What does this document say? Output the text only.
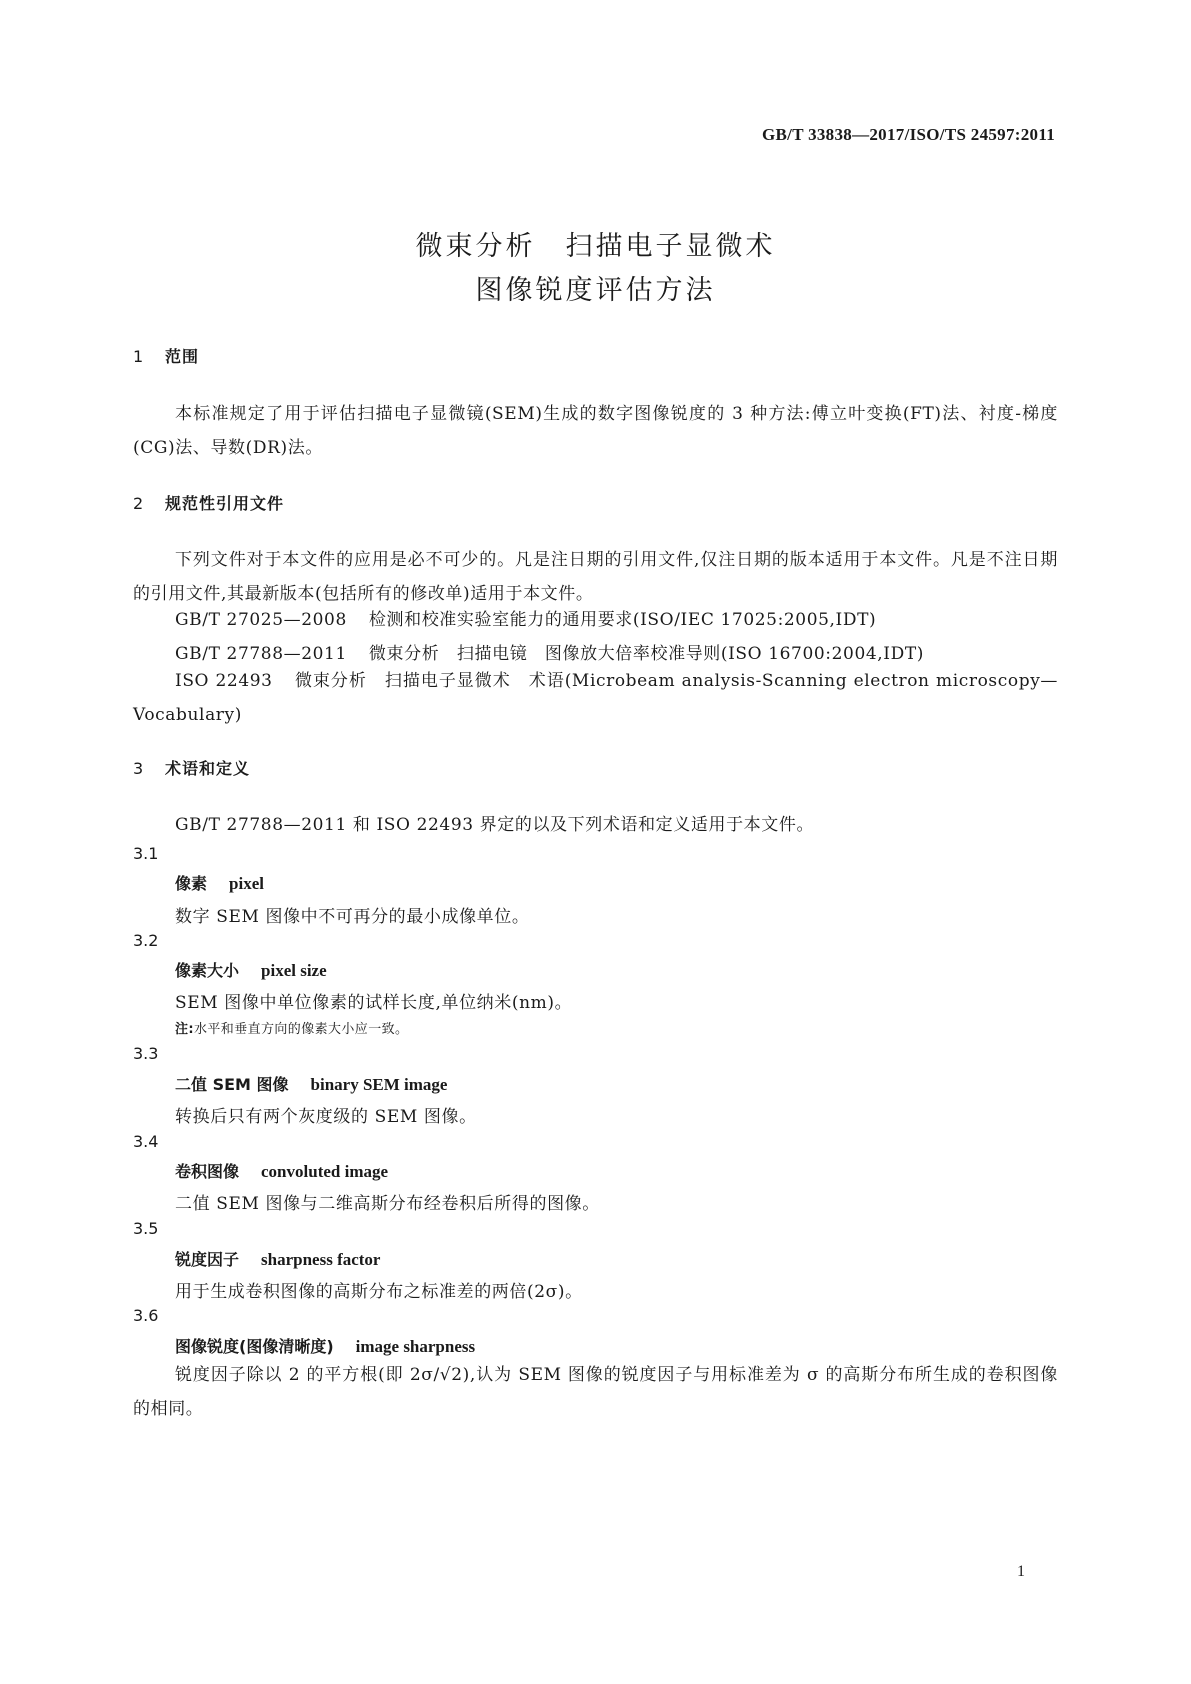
GB/T 33838—2017/ISO/TS 24597:2011
微束分析 扫描电子显微术
图像锐度评估方法
1 范围
本标准规定了用于评估扫描电子显微镜(SEM)生成的数字图像锐度的 3 种方法:傅立叶变换(FT)法、衬度-梯度(CG)法、导数(DR)法。
2 规范性引用文件
下列文件对于本文件的应用是必不可少的。凡是注日期的引用文件,仅注日期的版本适用于本文件。凡是不注日期的引用文件,其最新版本(包括所有的修改单)适用于本文件。
GB/T 27025—2008 检测和校准实验室能力的通用要求(ISO/IEC 17025:2005,IDT)
GB/T 27788—2011 微束分析　扫描电镜　图像放大倍率校准导则(ISO 16700:2004,IDT)
ISO 22493 微束分析　扫描电子显微术　术语(Microbeam analysis-Scanning electron microscopy—Vocabulary)
3 术语和定义
GB/T 27788—2011 和 ISO 22493 界定的以及下列术语和定义适用于本文件。
3.1
像素 pixel
数字 SEM 图像中不可再分的最小成像单位。
3.2
像素大小 pixel size
SEM 图像中单位像素的试样长度,单位纳米(nm)。
注:水平和垂直方向的像素大小应一致。
3.3
二值 SEM 图像 binary SEM image
转换后只有两个灰度级的 SEM 图像。
3.4
卷积图像 convoluted image
二值 SEM 图像与二维高斯分布经卷积后所得的图像。
3.5
锐度因子 sharpness factor
用于生成卷积图像的高斯分布之标准差的两倍(2σ)。
3.6
图像锐度(图像清晰度) image sharpness
锐度因子除以 2 的平方根(即 2σ/√2),认为 SEM 图像的锐度因子与用标准差为 σ 的高斯分布所生成的卷积图像的相同。
1
